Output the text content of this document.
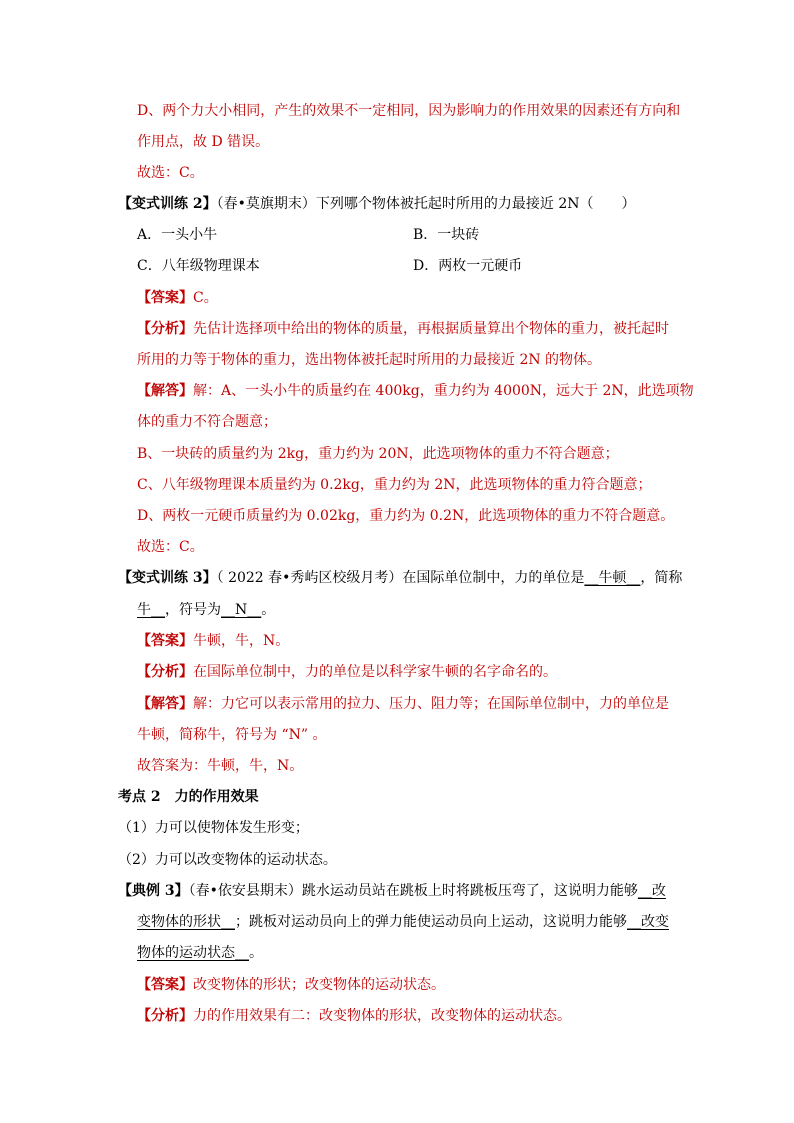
D、两个力大小相同，产生的效果不一定相同，因为影响力的作用效果的因素还有方向和
作用点，故 D 错误。
故选：C。
【变式训练 2】（春•莫旗期末）下列哪个物体被托起时所用的力最接近 2N（　　）
A．一头小牛	B．一块砖
C．八年级物理课本	D．两枚一元硬币
【答案】C。
【分析】先估计选择项中给出的物体的质量，再根据质量算出个物体的重力，被托起时
所用的力等于物体的重力，选出物体被托起时所用的力最接近 2N 的物体。
【解答】解：A、一头小牛的质量约在 400kg，重力约为 4000N，远大于 2N，此选项物
体的重力不符合题意；
B、一块砖的质量约为 2kg，重力约为 20N，此选项物体的重力不符合题意；
C、八年级物理课本质量约为 0.2kg，重力约为 2N，此选项物体的重力符合题意；
D、两枚一元硬币质量约为 0.02kg，重力约为 0.2N，此选项物体的重力不符合题意。
故选：C。
【变式训练 3】（ 2022 春•秀屿区校级月考）在国际单位制中，力的单位是__牛顿__，简称
牛__，符号为__N__。
【答案】牛顿，牛，N。
【分析】在国际单位制中，力的单位是以科学家牛顿的名字命名的。
【解答】解：力它可以表示常用的拉力、压力、阻力等；在国际单位制中，力的单位是
牛顿，简称牛，符号为 “N” 。
故答案为：牛顿，牛，N。
考点 2　力的作用效果
（1）力可以使物体发生形变；
（2）力可以改变物体的运动状态。
【典例 3】（春•依安县期末）跳水运动员站在跳板上时将跳板压弯了，这说明力能够__改
变物体的形状__；跳板对运动员向上的弹力能使运动员向上运动，这说明力能够__改变
物体的运动状态__。
【答案】改变物体的形状；改变物体的运动状态。
【分析】力的作用效果有二：改变物体的形状，改变物体的运动状态。
